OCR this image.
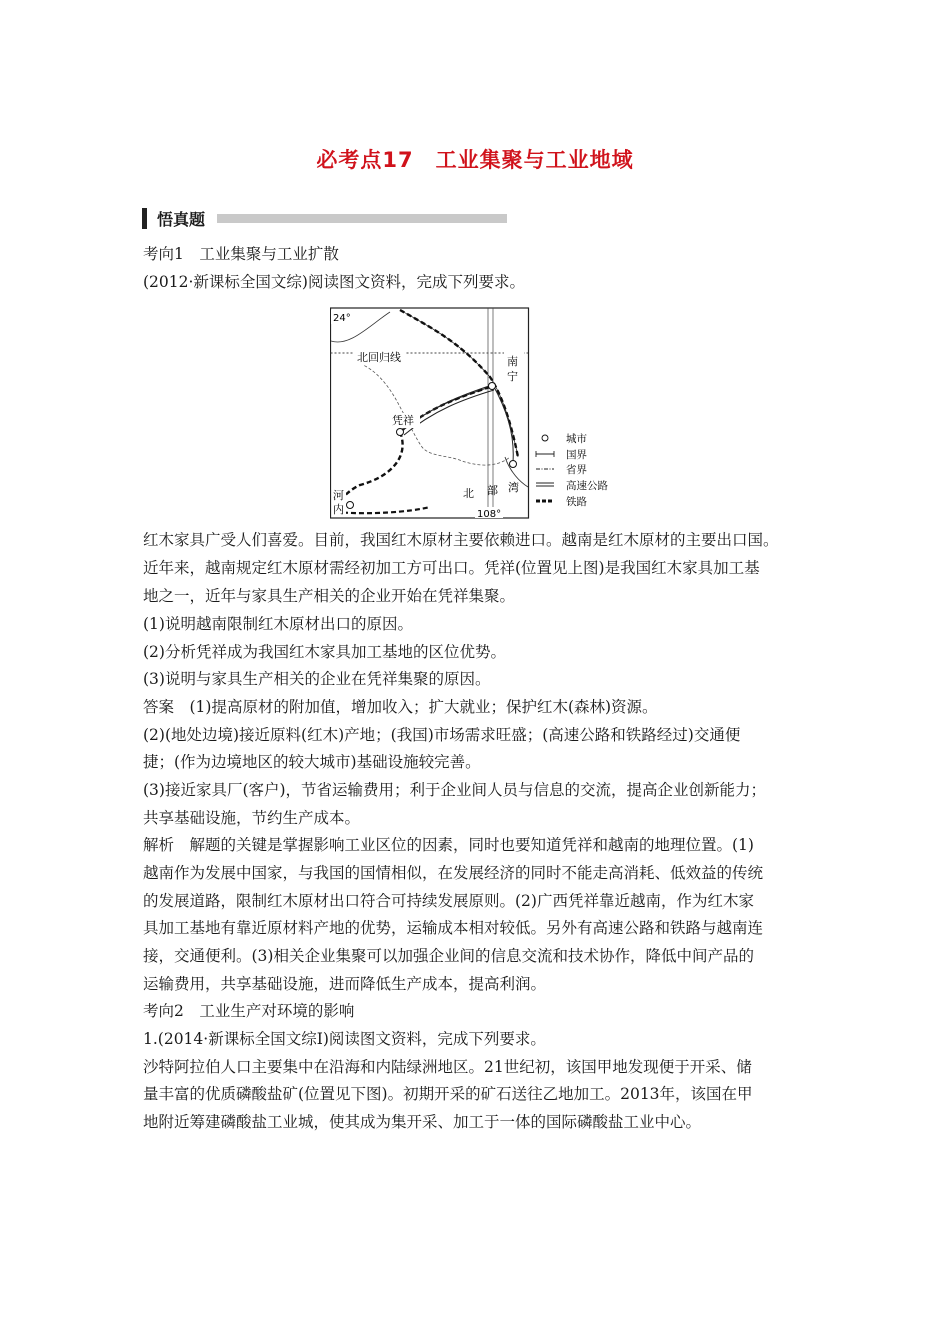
必考点17　工业集聚与工业地域
悟真题

考向1　工业集聚与工业扩散

(2012·新课标全国文综)阅读图文资料，完成下列要求。

24°
北回归线	南
宁
凭祥
河
内
北 部 湾
108°
城市
国界
省界
高速公路
铁路

红木家具广受人们喜爱。目前，我国红木原材主要依赖进口。越南是红木原材的主要出口国。

近年来，越南规定红木原材需经初加工方可出口。凭祥(位置见上图)是我国红木家具加工基

地之一，近年与家具生产相关的企业开始在凭祥集聚。

(1)说明越南限制红木原材出口的原因。

(2)分析凭祥成为我国红木家具加工基地的区位优势。

(3)说明与家具生产相关的企业在凭祥集聚的原因。

答案　(1)提高原材的附加值，增加收入；扩大就业；保护红木(森林)资源。

(2)(地处边境)接近原料(红木)产地；(我国)市场需求旺盛；(高速公路和铁路经过)交通便

捷；(作为边境地区的较大城市)基础设施较完善。

(3)接近家具厂(客户)，节省运输费用；利于企业间人员与信息的交流，提高企业创新能力；

共享基础设施，节约生产成本。

解析　解题的关键是掌握影响工业区位的因素，同时也要知道凭祥和越南的地理位置。(1)

越南作为发展中国家，与我国的国情相似，在发展经济的同时不能走高消耗、低效益的传统

的发展道路，限制红木原材出口符合可持续发展原则。(2)广西凭祥靠近越南，作为红木家

具加工基地有靠近原材料产地的优势，运输成本相对较低。另外有高速公路和铁路与越南连

接，交通便利。(3)相关企业集聚可以加强企业间的信息交流和技术协作，降低中间产品的

运输费用，共享基础设施，进而降低生产成本，提高利润。

考向2　工业生产对环境的影响

1.(2014·新课标全国文综Ⅰ)阅读图文资料，完成下列要求。

沙特阿拉伯人口主要集中在沿海和内陆绿洲地区。21世纪初，该国甲地发现便于开采、储

量丰富的优质磷酸盐矿(位置见下图)。初期开采的矿石送往乙地加工。2013年，该国在甲

地附近筹建磷酸盐工业城，使其成为集开采、加工于一体的国际磷酸盐工业中心。
